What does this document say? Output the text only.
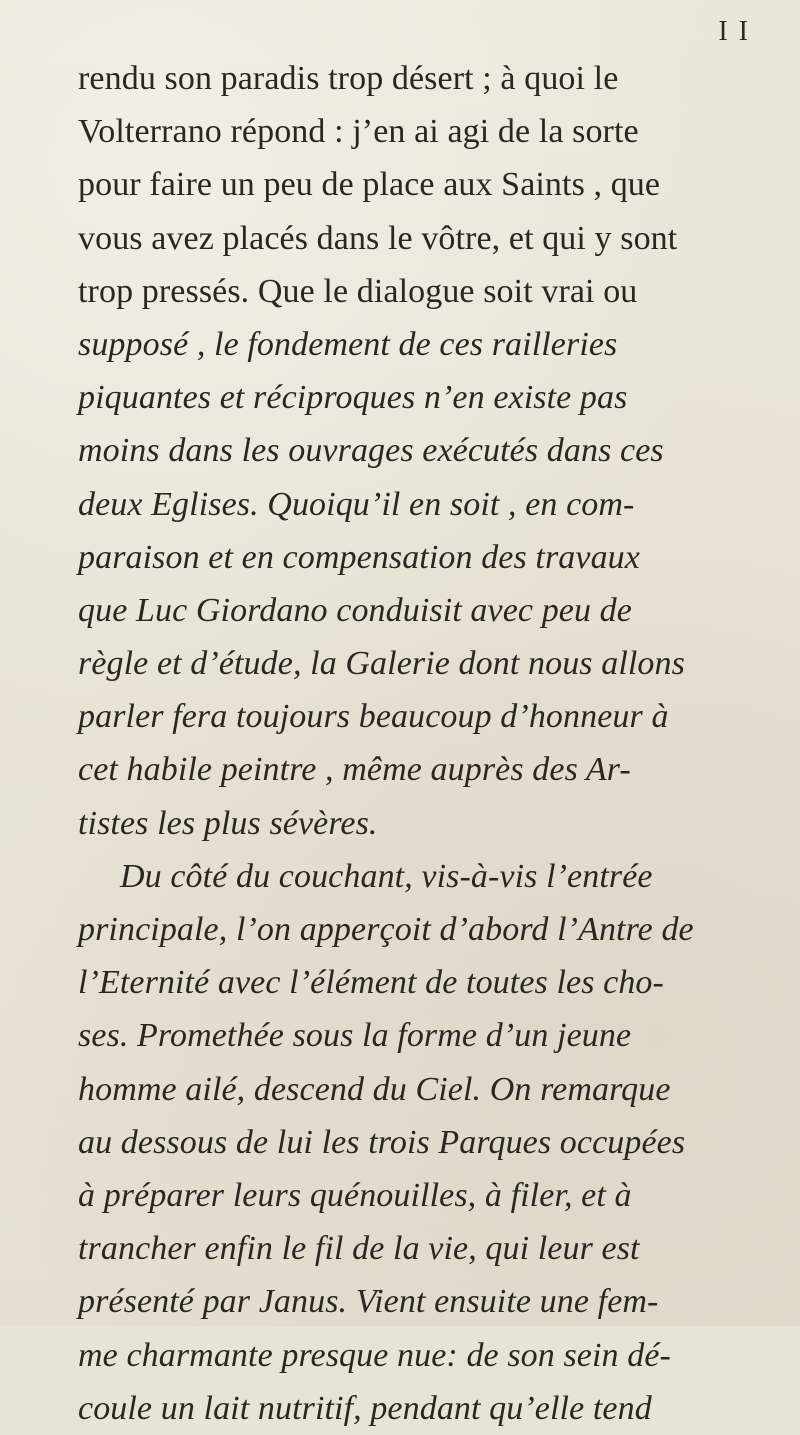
I I
rendu son paradis trop désert ; à quoi le
Volterrano répond : j’en ai agi de la sorte
pour faire un peu de place aux Saints , que
vous avez placés dans le vôtre, et qui y sont
trop pressés. Que le dialogue soit vrai ou
supposé , le fondement de ces railleries
piquantes et réciproques n’en existe pas
moins dans les ouvrages exécutés dans ces
deux Eglises. Quoiqu’il en soit , en com-
paraison et en compensation des travaux
que Luc Giordano conduisit avec peu de
règle et d’étude, la Galerie dont nous allons
parler fera toujours beaucoup d’honneur à
cet habile peintre , même auprès des Ar-
tistes les plus sévères.
Du côté du couchant, vis-à-vis l’entrée
principale, l’on apperçoit d’abord l’Antre de
l’Eternité avec l’élément de toutes les cho-
ses. Promethée sous la forme d’un jeune
homme ailé, descend du Ciel. On remarque
au dessous de lui les trois Parques occupées
à préparer leurs quénouilles, à filer, et à
trancher enfin le fil de la vie, qui leur est
présenté par Janus. Vient ensuite une fem-
me charmante presque nue: de son sein dé-
coule un lait nutritif, pendant qu’elle tend
